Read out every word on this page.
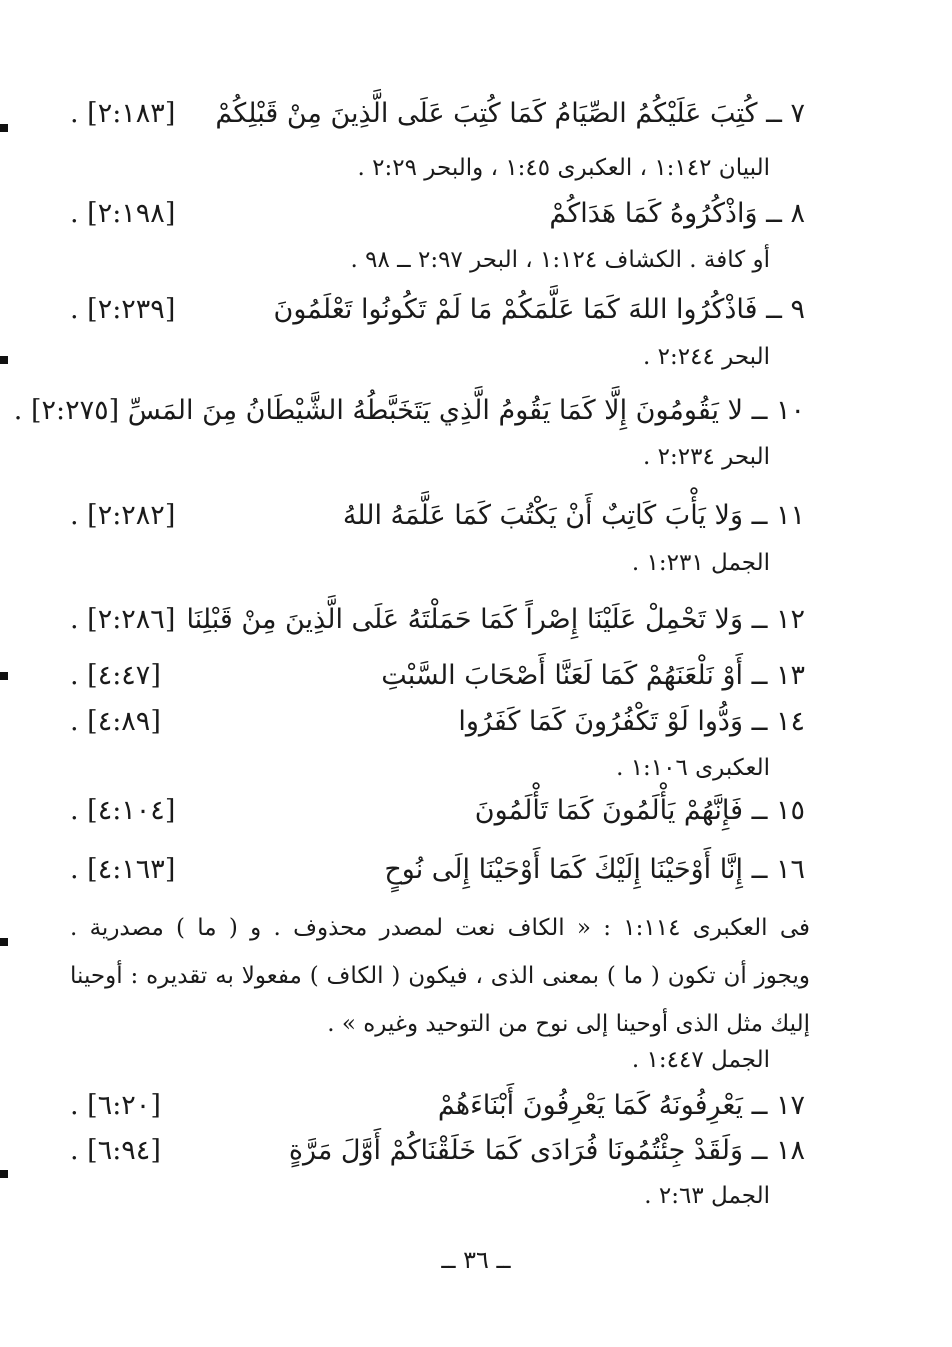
٧ ــ كُتِبَ عَلَيْكُمُ الصِّيَامُ كَمَا كُتِبَ عَلَى الَّذِينَ مِنْ قَبْلِكُمْ
[٢:١٨٣] .
البيان ١:١٤٢ ، العكبرى ١:٤٥ ، والبحر ٢:٢٩ .
٨ ــ وَاذْكُرُوهُ كَمَا هَدَاكُمْ
[٢:١٩٨] .
أو كافة . الكشاف ١:١٢٤ ، البحر ٢:٩٧ ــ ٩٨ .
٩ ــ فَاذْكُرُوا اللهَ كَمَا عَلَّمَكُمْ مَا لَمْ تَكُونُوا تَعْلَمُونَ
[٢:٢٣٩] .
البحر ٢:٢٤٤ .
١٠ ــ لا يَقُومُونَ إِلَّا كَمَا يَقُومُ الَّذِي يَتَخَبَّطُهُ الشَّيْطَانُ مِنَ المَسِّ [٢:٢٧٥] .
البحر ٢:٢٣٤ .
١١ ــ وَلا يَأْبَ كَاتِبٌ أَنْ يَكْتُبَ كَمَا عَلَّمَهُ اللهُ
[٢:٢٨٢] .
الجمل ١:٢٣١ .
١٢ ــ وَلا تَحْمِلْ عَلَيْنَا إِصْراً كَمَا حَمَلْتَهُ عَلَى الَّذِينَ مِنْ قَبْلِنَا
[٢:٢٨٦] .
١٣ ــ أَوْ نَلْعَنَهُمْ كَمَا لَعَنَّا أَصْحَابَ السَّبْتِ
[٤:٤٧] .
١٤ ــ وَدُّوا لَوْ تَكْفُرُونَ كَمَا كَفَرُوا
[٤:٨٩] .
العكبرى ١:١٠٦ .
١٥ ــ فَإِنَّهُمْ يَأْلَمُونَ كَمَا تَأْلَمُونَ
[٤:١٠٤] .
١٦ ــ إِنَّا أَوْحَيْنَا إِلَيْكَ كَمَا أَوْحَيْنَا إِلَى نُوحٍ
[٤:١٦٣] .
فى العكبرى ١:١١٤ : « الكاف نعت لمصدر محذوف . و ( ما ) مصدرية .
ويجوز أن تكون ( ما ) بمعنى الذى ، فيكون ( الكاف ) مفعولا به تقديره : أوحينا
إليك مثل الذى أوحينا إلى نوح من التوحيد وغيره » .
الجمل ١:٤٤٧ .
١٧ ــ يَعْرِفُونَهُ كَمَا يَعْرِفُونَ أَبْنَاءَهُمْ
[٦:٢٠] .
١٨ ــ وَلَقَدْ جِئْتُمُونَا فُرَادَى كَمَا خَلَقْنَاكُمْ أَوَّلَ مَرَّةٍ
[٦:٩٤] .
الجمل ٢:٦٣ .
ــ ٣٦ ــ
